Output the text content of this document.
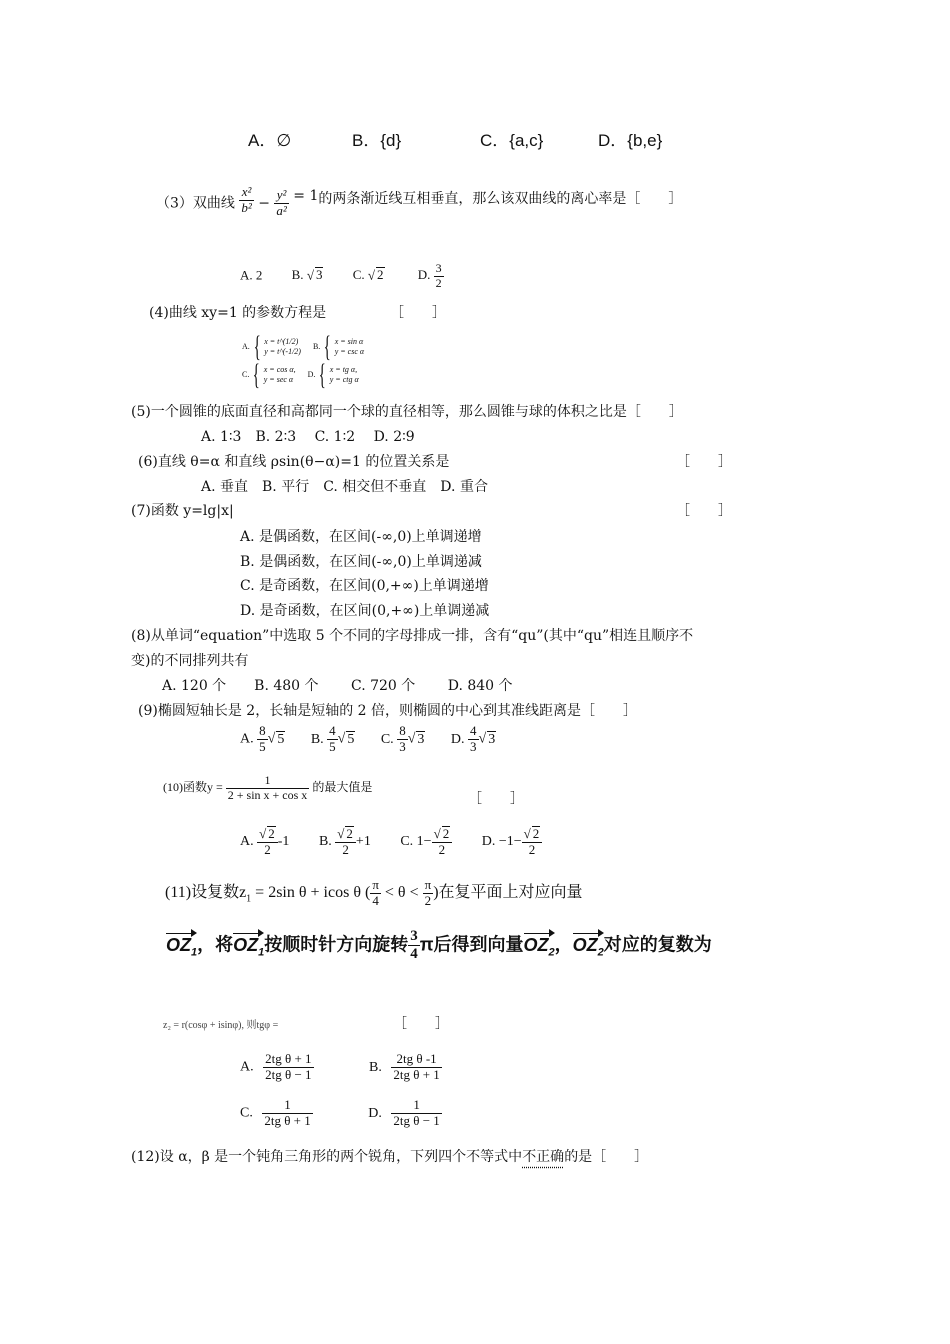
A．∅	B．{d}	C．{a,c}	D．{b,e}
（3）双曲线 $\frac{\text{x²}}{\text{b²}} - \frac{\text{y²}}{\text{a²}} = 1$的两条渐近线互相垂直，那么该双曲线的离心率是［　　］
A. 2 B. √ 3 C. √ 2	D. $\frac{3}{2}$
(4)曲线 xy=1 的参数方程是	［　　］
A. { x = t^(1/2)
y = t^(-1/2) B. { x = sin α
y = csc α
C. { x = cos α,
y = sec α D. { x = tg α,
y = ctg α
(5)一个圆锥的底面直径和高都同一个球的直径相等，那么圆锥与球的体积之比是［　　］
A. 1∶3　B. 2∶3　 C. 1∶2　 D. 2∶9
(6)直线 θ=α 和直线 ρsin(θ−α)=1 的位置关系是	［　　］
A. 垂直　B. 平行　C. 相交但不垂直　D. 重合
(7)函数 y=lg|x|	［　　］
A. 是偶函数，在区间(-∞,0)上单调递增
B. 是偶函数，在区间(-∞,0)上单调递减
C. 是奇函数，在区间(0,+∞)上单调递增
D. 是奇函数，在区间(0,+∞)上单调递减
(8)从单词“equation”中选取 5 个不同的字母排成一排，含有“qu”(其中“qu”相连且顺序不
变)的不同排列共有
A. 120 个　　B. 480 个　　 C. 720 个　　 D. 840 个
(9)椭圆短轴长是 2，长轴是短轴的 2 倍，则椭圆的中心到其准线距离是［　　］
A. $\frac{8}{5}$ √ 5 B. $\frac{4}{5}$ √ 5 C. $\frac{8}{3}$ √ 3 D. $\frac{4}{3}$ √ 3
(10)函数$y = \frac{1}{\text{2 + sin x + cos x}}$ 的最大值是
［　　］
A. $\frac{√ 2}{2} -1$ B. $\frac{√ 2}{2} +1$ C. $1- \frac{√ 2}{2} D$. $-1- \frac{√ 2}{2}$
(11)设复数$z_1 = 2\sin$ θ + icos θ ( $\frac{\pi}{4} < \theta < \frac{\pi}{2}$ )在复平面上对应向量
$OZ_1$，将$OZ_1$按顺时针方向旋转 $\frac{3}{4}$ π后得到向量$OZ_2$，$OZ_2$对应的复数为
z₂ = r(cosφ + isinφ), 则tgφ =	［　　］
A. $\frac{\text{2tg θ + 1}}{\text{2tg θ − 1}}$	B. $\frac{\text{2tg θ -1}}{\text{2tg θ + 1}}$
C. $\frac{1}{\text{2tg θ + 1}}$	D. $\frac{1}{\text{2tg θ − 1}}$
(12)设 α，β 是一个钝角三角形的两个锐角，下列四个不等式中不正确的是［　　］
